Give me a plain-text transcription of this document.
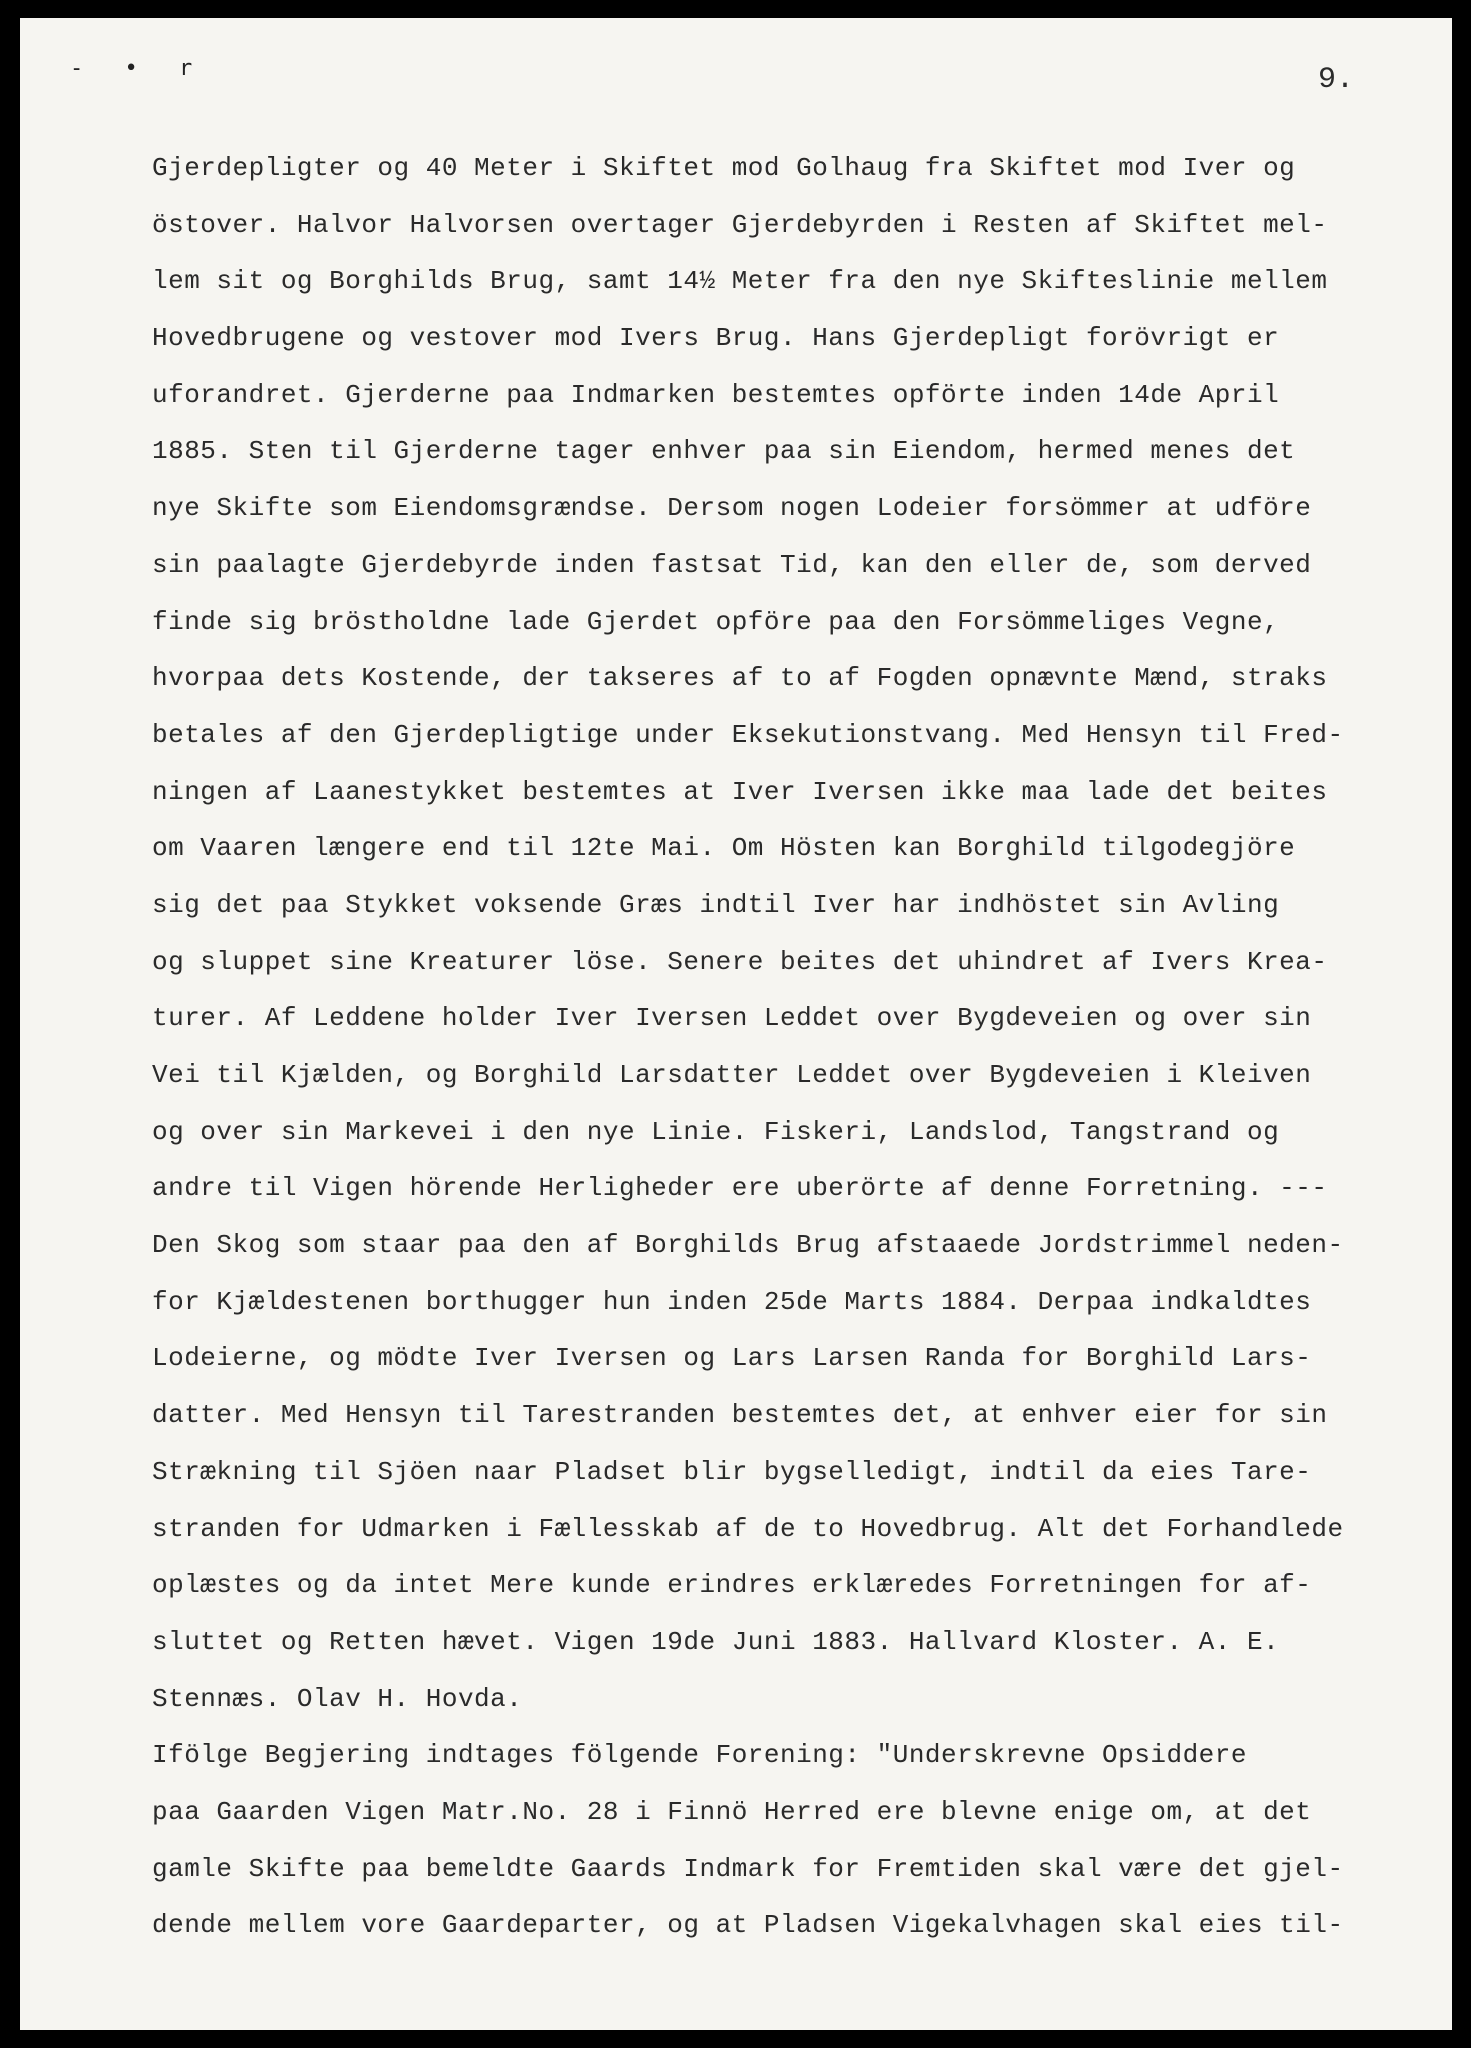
- • r	9.
Gjerdepligter og 40 Meter i Skiftet mod Golhaug fra Skiftet mod Iver og
östover. Halvor Halvorsen overtager Gjerdebyrden i Resten af Skiftet mel-
lem sit og Borghilds Brug, samt 14½ Meter fra den nye Skifteslinie mellem
Hovedbrugene og vestover mod Ivers Brug. Hans Gjerdepligt forövrigt er
uforandret. Gjerderne paa Indmarken bestemtes opförte inden 14de April
1885. Sten til Gjerderne tager enhver paa sin Eiendom, hermed menes det
nye Skifte som Eiendomsgrændse. Dersom nogen Lodeier forsömmer at udföre
sin paalagte Gjerdebyrde inden fastsat Tid, kan den eller de, som derved
finde sig bröstholdne lade Gjerdet opföre paa den Forsömmeliges Vegne,
hvorpaa dets Kostende, der takseres af to af Fogden opnævnte Mænd, straks
betales af den Gjerdepligtige under Eksekutionstvang. Med Hensyn til Fred-
ningen af Laanestykket bestemtes at Iver Iversen ikke maa lade det beites
om Vaaren længere end til 12te Mai. Om Hösten kan Borghild tilgodegjöre
sig det paa Stykket voksende Græs indtil Iver har indhöstet sin Avling
og sluppet sine Kreaturer löse. Senere beites det uhindret af Ivers Krea-
turer. Af Leddene holder Iver Iversen Leddet over Bygdeveien og over sin
Vei til Kjælden, og Borghild Larsdatter Leddet over Bygdeveien i Kleiven
og over sin Markevei i den nye Linie. Fiskeri, Landslod, Tangstrand og
andre til Vigen hörende Herligheder ere uberörte af denne Forretning. ---
Den Skog som staar paa den af Borghilds Brug afstaaede Jordstrimmel neden-
for Kjældestenen borthugger hun inden 25de Marts 1884. Derpaa indkaldtes
Lodeierne, og mödte Iver Iversen og Lars Larsen Randa for Borghild Lars-
datter. Med Hensyn til Tarestranden bestemtes det, at enhver eier for sin
Strækning til Sjöen naar Pladset blir bygselledigt, indtil da eies Tare-
stranden for Udmarken i Fællesskab af de to Hovedbrug. Alt det Forhandlede
oplæstes og da intet Mere kunde erindres erklæredes Forretningen for af-
sluttet og Retten hævet. Vigen 19de Juni 1883. Hallvard Kloster. A. E.
Stennæs. Olav H. Hovda.
Ifölge Begjering indtages fölgende Forening: "Underskrevne Opsiddere
paa Gaarden Vigen Matr.No. 28 i Finnö Herred ere blevne enige om, at det
gamle Skifte paa bemeldte Gaards Indmark for Fremtiden skal være det gjel-
dende mellem vore Gaardeparter, og at Pladsen Vigekalvhagen skal eies til-
